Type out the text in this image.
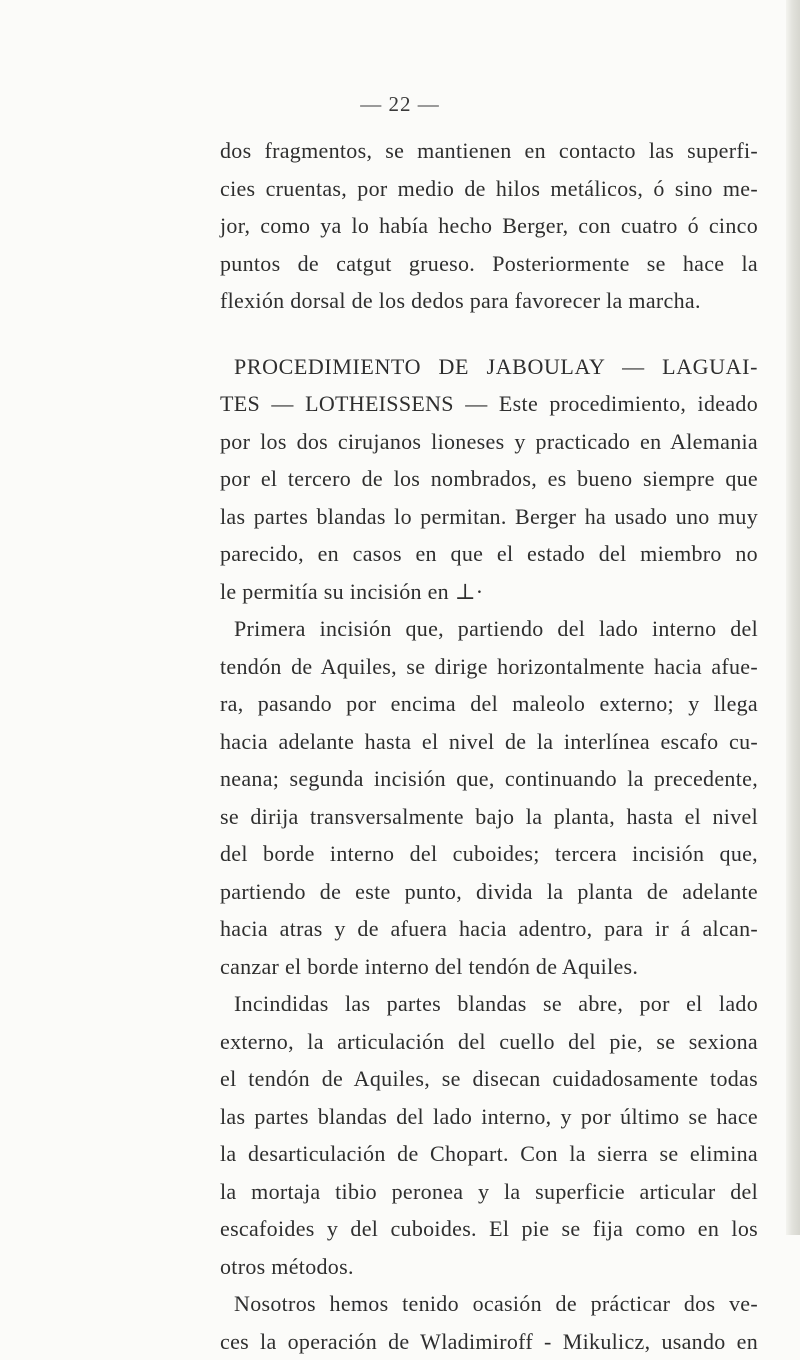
— 22 —
dos fragmentos, se mantienen en contacto las superfi-
cies cruentas, por medio de hilos metálicos, ó sino me-
jor, como ya lo había hecho Berger, con cuatro ó cinco
puntos de catgut grueso. Posteriormente se hace la
flexión dorsal de los dedos para favorecer la marcha.
PROCEDIMIENTO DE JABOULAY — LAGUAI-
TES — LOTHEISSENS — Este procedimiento, ideado
por los dos cirujanos lioneses y practicado en Alemania
por el tercero de los nombrados, es bueno siempre que
las partes blandas lo permitan. Berger ha usado uno muy
parecido, en casos en que el estado del miembro no
le permitía su incisión en ⊥·
Primera incisión que, partiendo del lado interno del
tendón de Aquiles, se dirige horizontalmente hacia afue-
ra, pasando por encima del maleolo externo; y llega
hacia adelante hasta el nivel de la interlínea escafo cu-
neana; segunda incisión que, continuando la precedente,
se dirija transversalmente bajo la planta, hasta el nivel
del borde interno del cuboides; tercera incisión que,
partiendo de este punto, divida la planta de adelante
hacia atras y de afuera hacia adentro, para ir á alcan-
canzar el borde interno del tendón de Aquiles.
Incindidas las partes blandas se abre, por el lado
externo, la articulación del cuello del pie, se sexiona
el tendón de Aquiles, se disecan cuidadosamente todas
las partes blandas del lado interno, y por último se hace
la desarticulación de Chopart. Con la sierra se elimina
la mortaja tibio peronea y la superficie articular del
escafoides y del cuboides. El pie se fija como en los
otros métodos.
Nosotros hemos tenido ocasión de prácticar dos ve-
ces la operación de Wladimiroff - Mikulicz, usando en
